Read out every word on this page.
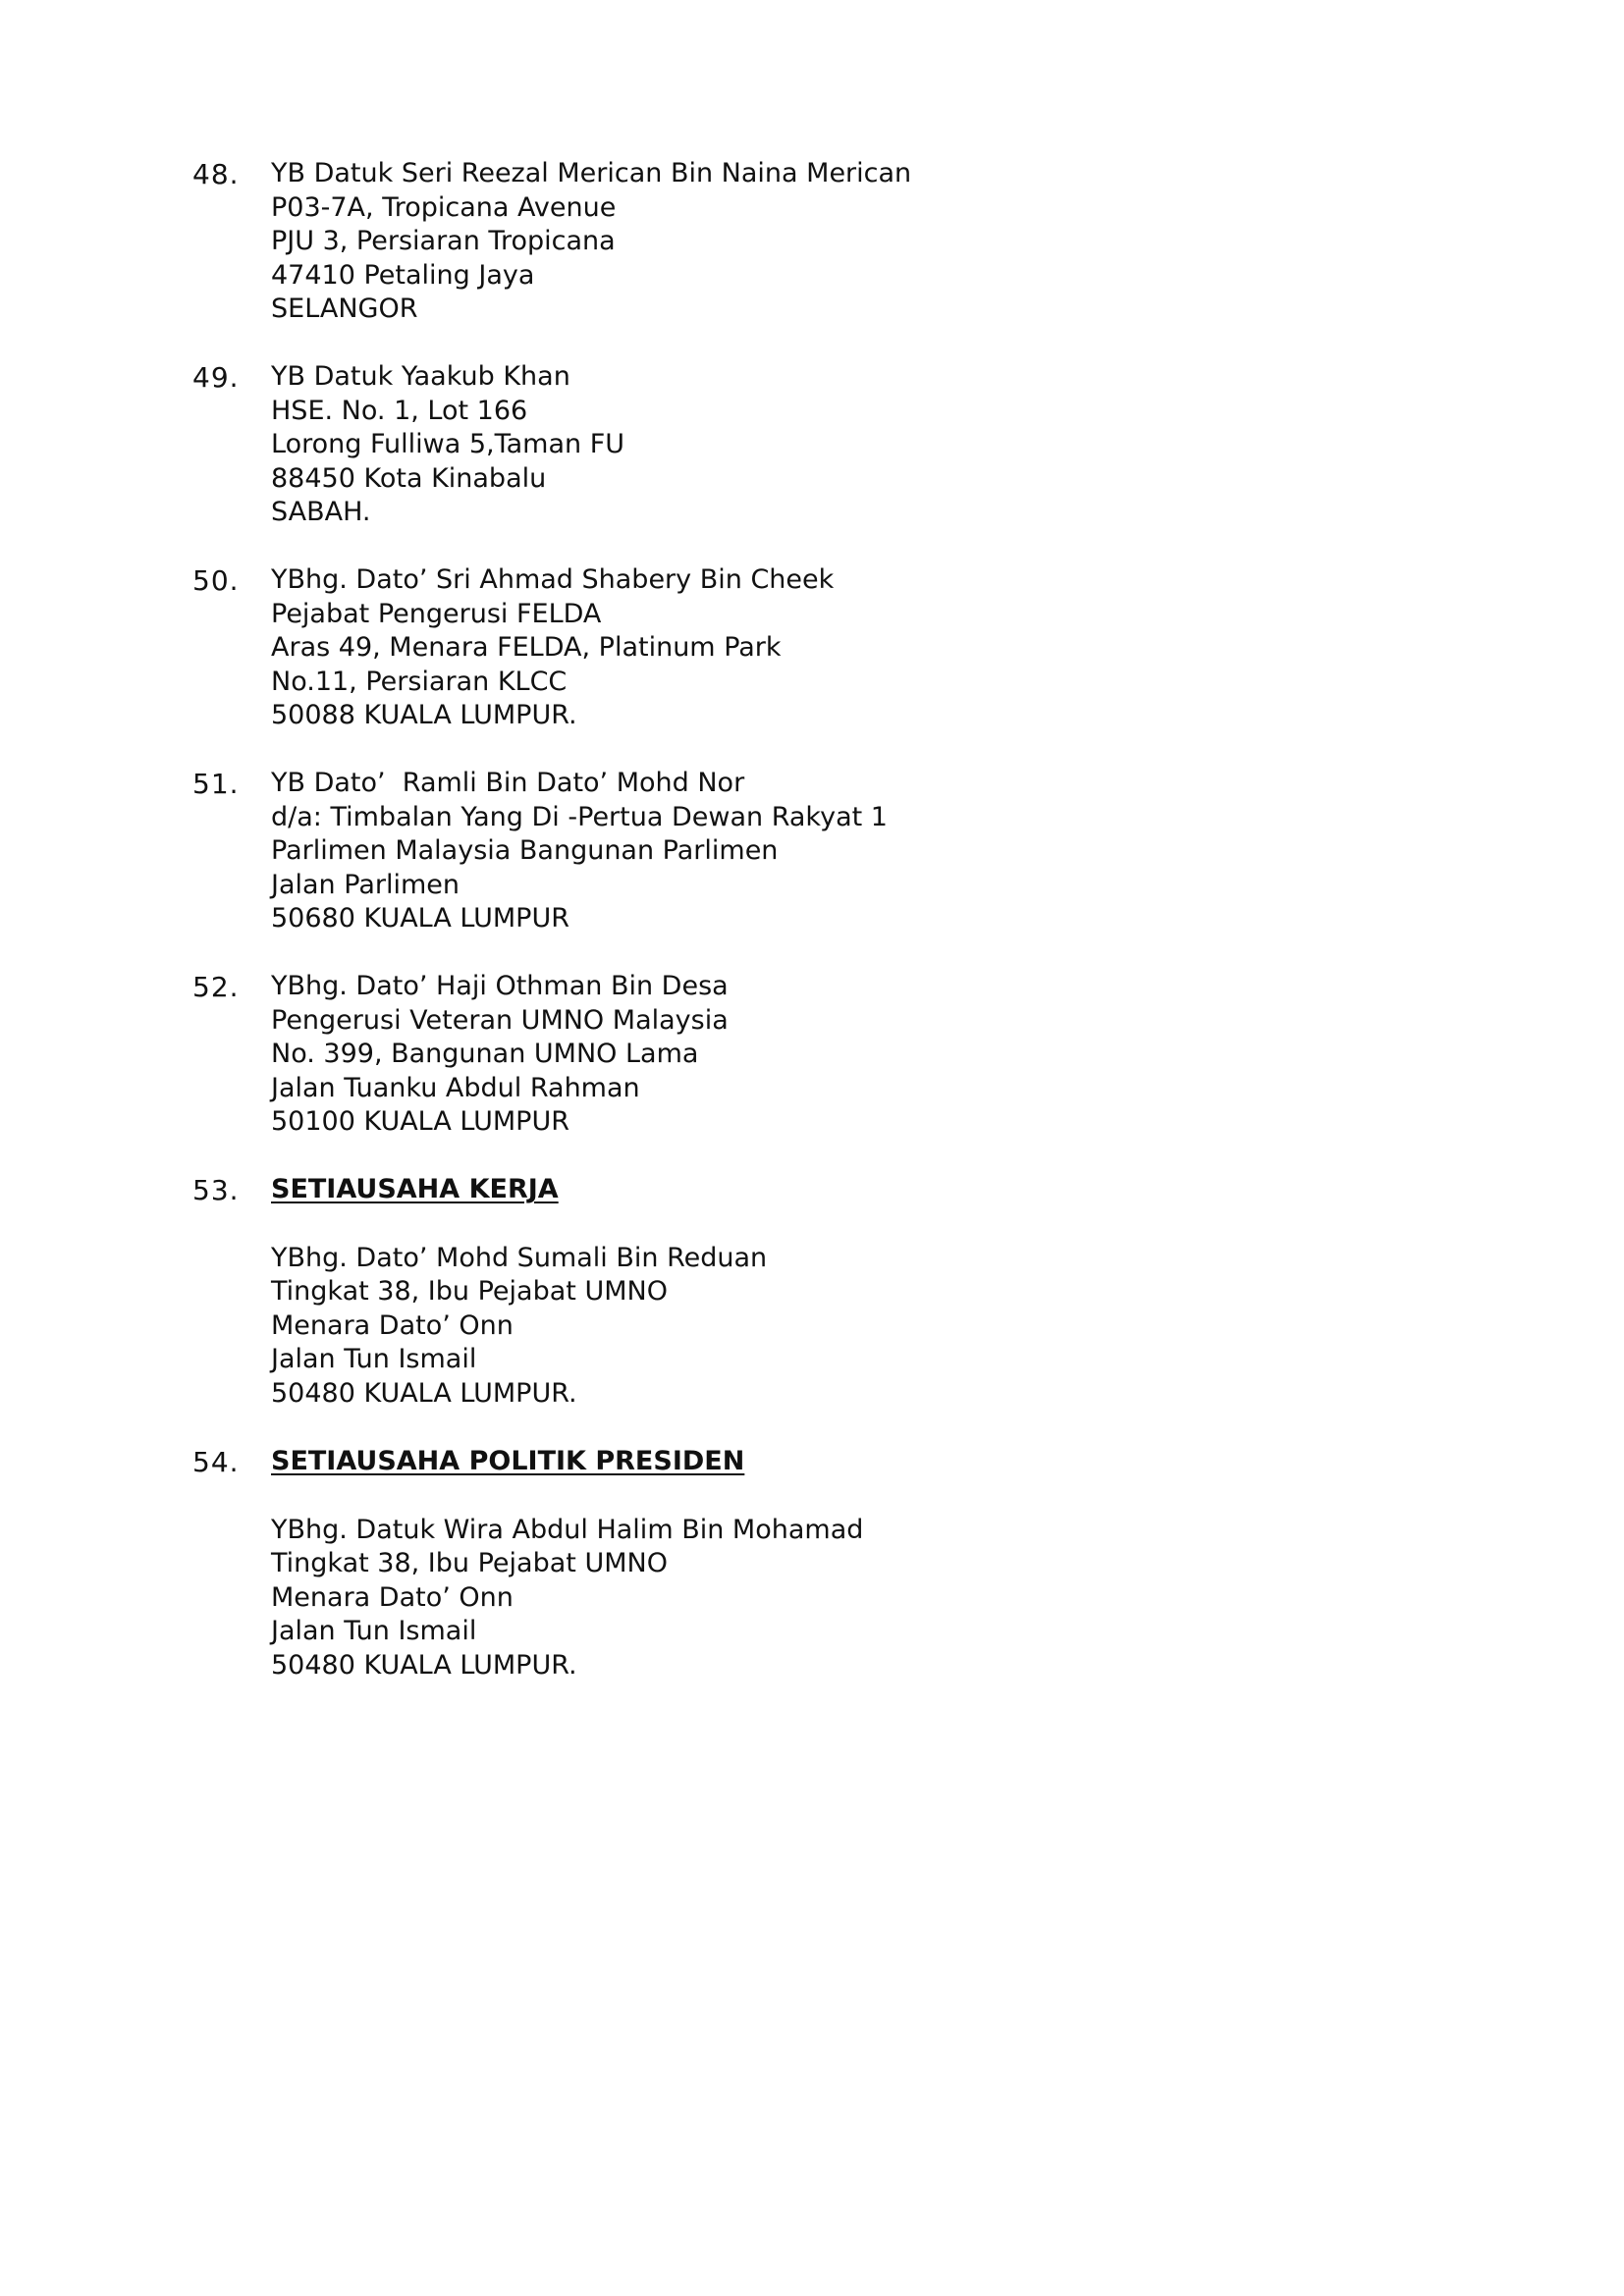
48. YB Datuk Seri Reezal Merican Bin Naina Merican

P03-7A, Tropicana Avenue

PJU 3, Persiaran Tropicana

47410 Petaling Jaya

SELANGOR

49. YB Datuk Yaakub Khan

HSE. No. 1, Lot 166

Lorong Fulliwa 5,Taman FU

88450 Kota Kinabalu

SABAH.

50. YBhg. Dato’ Sri Ahmad Shabery Bin Cheek

Pejabat Pengerusi FELDA

Aras 49, Menara FELDA, Platinum Park

No.11, Persiaran KLCC

50088 KUALA LUMPUR.

51. YB Dato’  Ramli Bin Dato’ Mohd Nor

d/a: Timbalan Yang Di -Pertua Dewan Rakyat 1

Parlimen Malaysia Bangunan Parlimen

Jalan Parlimen

50680 KUALA LUMPUR

52. YBhg. Dato’ Haji Othman Bin Desa

Pengerusi Veteran UMNO Malaysia

No. 399, Bangunan UMNO Lama

Jalan Tuanku Abdul Rahman

50100 KUALA LUMPUR

53. SETIAUSAHA KERJA

YBhg. Dato’ Mohd Sumali Bin Reduan

Tingkat 38, Ibu Pejabat UMNO

Menara Dato’ Onn

Jalan Tun Ismail

50480 KUALA LUMPUR.

54. SETIAUSAHA POLITIK PRESIDEN

YBhg. Datuk Wira Abdul Halim Bin Mohamad

Tingkat 38, Ibu Pejabat UMNO

Menara Dato’ Onn

Jalan Tun Ismail

50480 KUALA LUMPUR.
